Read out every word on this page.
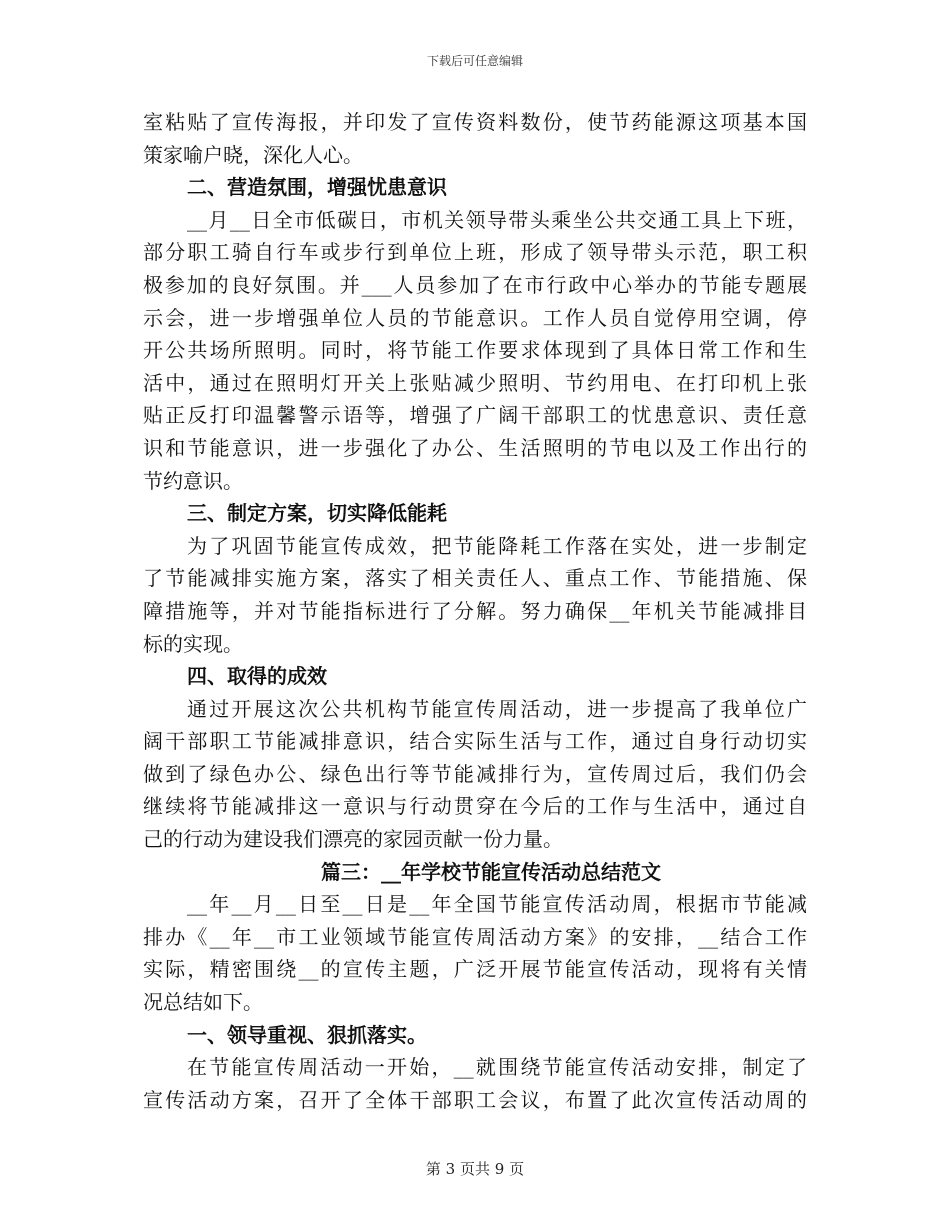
下载后可任意编辑
室粘贴了宣传海报，并印发了宣传资料数份，使节药能源这项基本国
策家喻户晓，深化人心。
二、营造氛围，增强忧患意识
__月__日全市低碳日，市机关领导带头乘坐公共交通工具上下班，
部分职工骑自行车或步行到单位上班，形成了领导带头示范，职工积
极参加的良好氛围。并___人员参加了在市行政中心举办的节能专题展
示会，进一步增强单位人员的节能意识。工作人员自觉停用空调，停
开公共场所照明。同时，将节能工作要求体现到了具体日常工作和生
活中，通过在照明灯开关上张贴减少照明、节约用电、在打印机上张
贴正反打印温馨警示语等，增强了广阔干部职工的忧患意识、责任意
识和节能意识，进一步强化了办公、生活照明的节电以及工作出行的
节约意识。
三、制定方案，切实降低能耗
为了巩固节能宣传成效，把节能降耗工作落在实处，进一步制定
了节能减排实施方案，落实了相关责任人、重点工作、节能措施、保
障措施等，并对节能指标进行了分解。努力确保__年机关节能减排目
标的实现。
四、取得的成效
通过开展这次公共机构节能宣传周活动，进一步提高了我单位广
阔干部职工节能减排意识，结合实际生活与工作，通过自身行动切实
做到了绿色办公、绿色出行等节能减排行为，宣传周过后，我们仍会
继续将节能减排这一意识与行动贯穿在今后的工作与生活中，通过自
己的行动为建设我们漂亮的家园贡献一份力量。
篇三：__年学校节能宣传活动总结范文
__年__月__日至__日是__年全国节能宣传活动周，根据市节能减
排办《__年__市工业领域节能宣传周活动方案》的安排，__结合工作
实际，精密围绕__的宣传主题，广泛开展节能宣传活动，现将有关情
况总结如下。
一、领导重视、狠抓落实。
在节能宣传周活动一开始，__就围绕节能宣传活动安排，制定了
宣传活动方案，召开了全体干部职工会议，布置了此次宣传活动周的
第 3 页共 9 页
